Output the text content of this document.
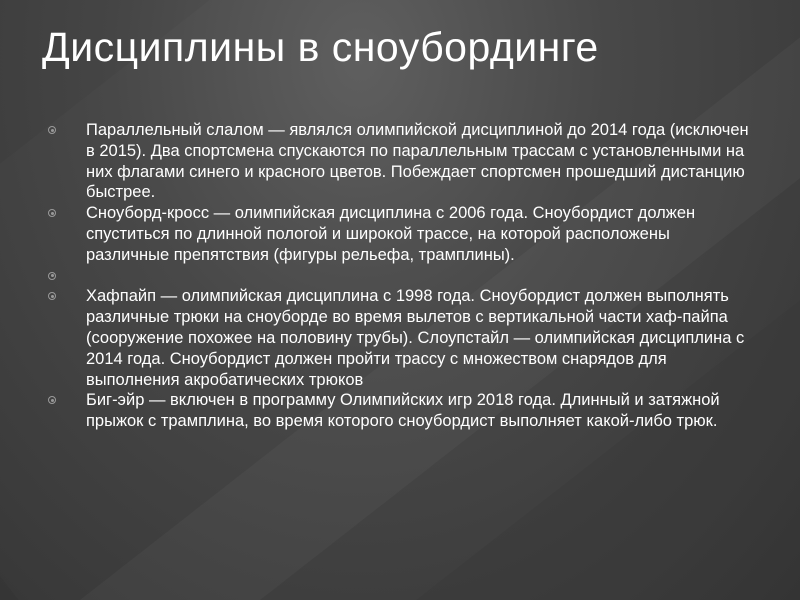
Дисциплины в сноубординге
Параллельный слалом — являлся олимпийской дисциплиной до 2014 года (исключен в 2015). Два спортсмена спускаются по параллельным трассам с установленными на них флагами синего и красного цветов. Побеждает спортсмен прошедший дистанцию быстрее.
Сноуборд-кросс — олимпийская дисциплина с 2006 года. Сноубордист должен спуститься по длинной пологой и широкой трассе, на которой расположены различные препятствия (фигуры рельефа, трамплины).
Хафпайп — олимпийская дисциплина с 1998 года. Сноубордист должен выполнять различные трюки на сноуборде во время вылетов с вертикальной части хаф-пайпа (сооружение похожее на половину трубы). Слоупстайл — олимпийская дисциплина с 2014 года. Сноубордист должен пройти трассу с множеством снарядов для выполнения акробатических трюков
Биг-эйр — включен в программу Олимпийских игр 2018 года. Длинный и затяжной прыжок с трамплина, во время которого сноубордист выполняет какой-либо трюк.
